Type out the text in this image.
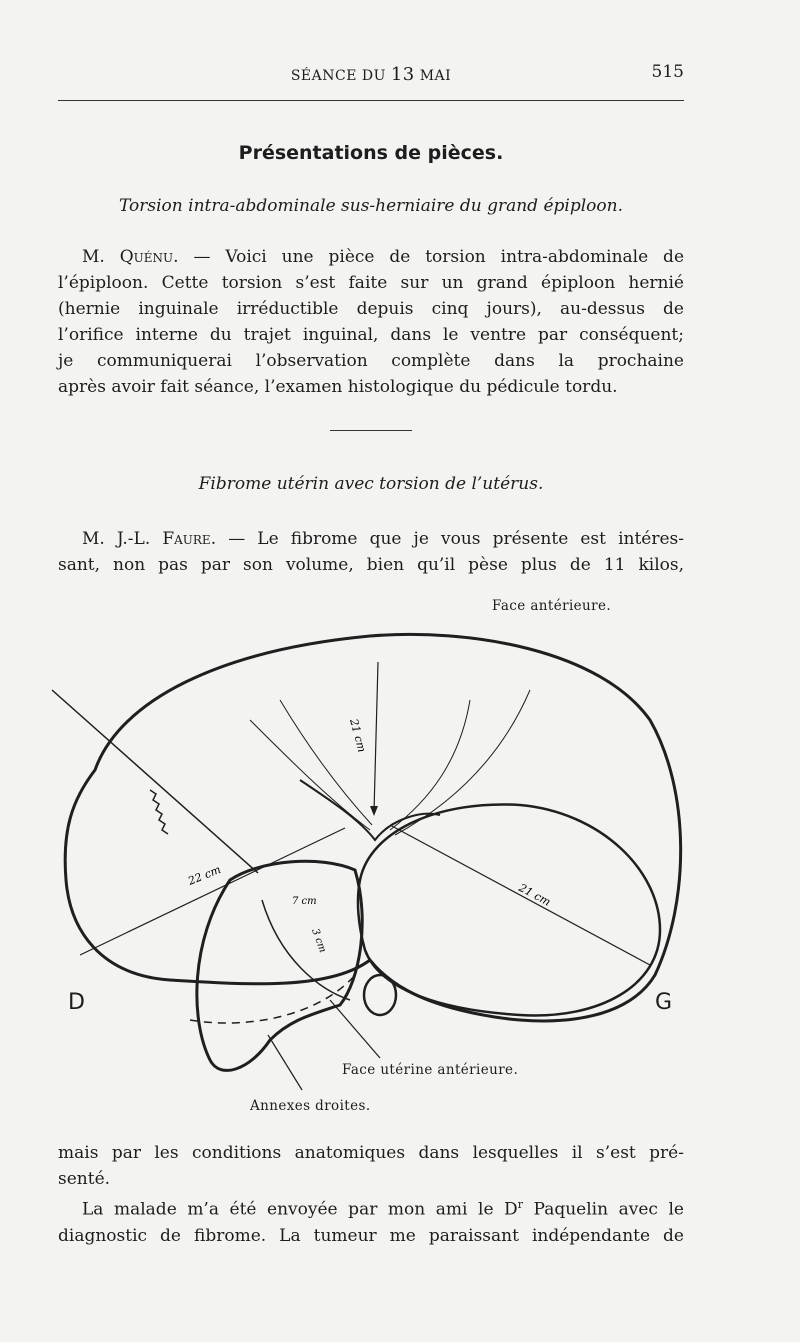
SÉANCE DU 13 MAI	515
Présentations de pièces.
Torsion intra-abdominale sus-herniaire du grand épiploon.
M. Quénu. — Voici une pièce de torsion intra-abdominale de
l’épiploon. Cette torsion s’est faite sur un grand épiploon hernié
(hernie inguinale irréductible depuis cinq jours), au-dessus de
l’orifice interne du trajet inguinal, dans le ventre par conséquent;
je communiquerai l’observation complète dans la prochaine
après avoir fait séance, l’examen histologique du pédicule tordu.
Fibrome utérin avec torsion de l’utérus.
M. J.-L. Faure. — Le fibrome que je vous présente est intéres-
sant, non pas par son volume, bien qu’il pèse plus de 11 kilos,
Face antérieure.
21 cm
22 cm
21 cm
7 cm
3 cm
D	G
Face utérine antérieure.
Annexes droites.
mais par les conditions anatomiques dans lesquelles il s’est pré-
senté.
La malade m’a été envoyée par mon ami le $D^r$ Paquelin avec le
diagnostic de fibrome. La tumeur me paraissant indépendante de
